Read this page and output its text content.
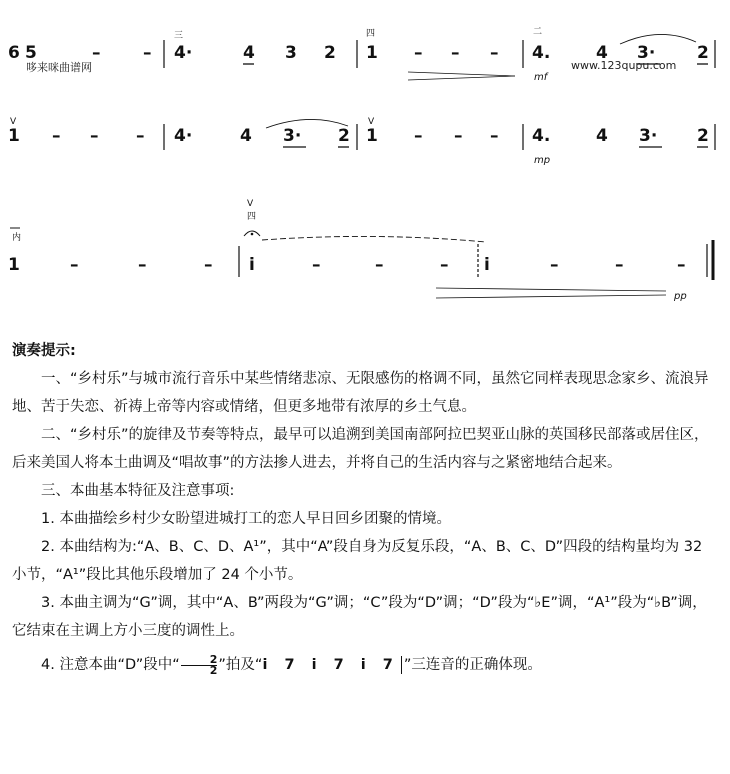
6 5	–	–
三
4·	4 3 2
四
1 – – –
二
4.
mf
4 3· 2
V
1 – – – 4·	4 3· 2
V
1 – – – 4.
mp
4 3· 2
内
1	–	–	–
V
四
i	–	–	– i	–	–	–
pp
哆来咪曲谱网	www.123qupu.com

演奏提示:

一、“乡村乐”与城市流行音乐中某些情绪悲凉、无限感伤的格调不同，虽然它同样表现思念家乡、流浪异地、苦于失恋、祈祷上帝等内容或情绪，但更多地带有浓厚的乡土气息。

二、“乡村乐”的旋律及节奏等特点，最早可以追溯到美国南部阿拉巴契亚山脉的英国移民部落或居住区，后来美国人将本土曲调及“唱故事”的方法掺人进去，并将自己的生活内容与之紧密地结合起来。

三、本曲基本特征及注意事项:

1. 本曲描绘乡村少女盼望进城打工的恋人早日回乡团聚的情境。

2. 本曲结构为:“A、B、C、D、A¹”，其中“A”段自身为反复乐段，“A、B、C、D”四段的结构量均为 32 小节，“A¹”段比其他乐段增加了 24 个小节。

3. 本曲主调为“G”调，其中“A、B”两段为“G”调；“C”段为“D”调；“D”段为“♭E”调，“A¹”段为“♭B”调，它结束在主调上方小三度的调性上。

4. 注意本曲“D”段中“ $\frac{2}{2}$ ”拍及“i 7 i 7 i 7 ”三连音的正确体现。
